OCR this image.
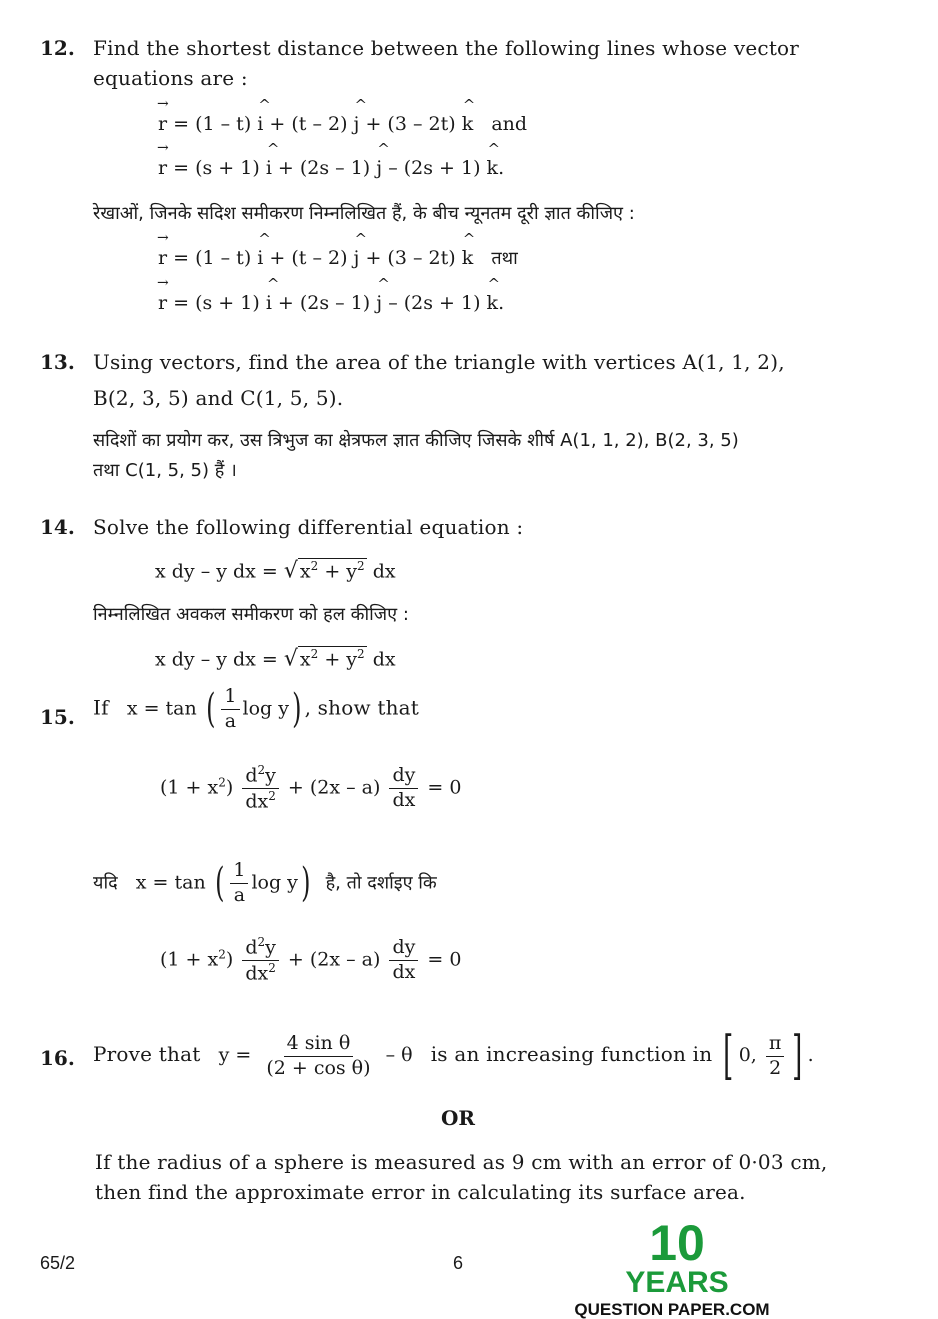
12. Find the shortest distance between the following lines whose vector
equations are :
→ r = (1 – t) ^ i + (t – 2) ^ j + (3 – 2t) ^ k and
→ r = (s + 1) ^ i + (2s – 1) ^ j – (2s + 1) ^ k.
रेखाओं, जिनके सदिश समीकरण निम्नलिखित हैं, के बीच न्यूनतम दूरी ज्ञात कीजिए :
→ r = (1 – t) ^ i + (t – 2) ^ j + (3 – 2t) ^ k तथा
→ r = (s + 1) ^ i + (2s – 1) ^ j – (2s + 1) ^ k.
13. Using vectors, find the area of the triangle with vertices A(1, 1, 2),
B(2, 3, 5) and C(1, 5, 5).
सदिशों का प्रयोग कर, उस त्रिभुज का क्षेत्रफल ज्ञात कीजिए जिसके शीर्ष A(1, 1, 2), B(2, 3, 5)
तथा C(1, 5, 5) हैं ।
14. Solve the following differential equation :
x dy – y dx = √ $x^2 + y^2$ dx
निम्नलिखित अवकल समीकरण को हल कीजिए :
x dy – y dx = √ $x^2 + y^2$ dx
15. If x = tan ( $\frac{1}{a}$ log y) , show that
$(1 + x^2) \frac{d^2y}{dx^2} + (2x - a) \frac{dy}{dx} = 0$
यदि x = tan ( $\frac{1}{a}$ log y) है, तो दर्शाइए कि
$(1 + x^2) \frac{d^2y}{dx^2} + (2x - a) \frac{dy}{dx} = 0$
16. Prove that $y = \frac{\text{4 sin θ}}{\text{(2 + cos θ)}} - \theta$ is an increasing function in [ 0, $\frac{\pi}{2}$ ] .
OR
If the radius of a sphere is measured as 9 cm with an error of 0·03 cm,
then find the approximate error in calculating its surface area.
65/2	6	10
YEARS
QUESTION PAPER.COM
